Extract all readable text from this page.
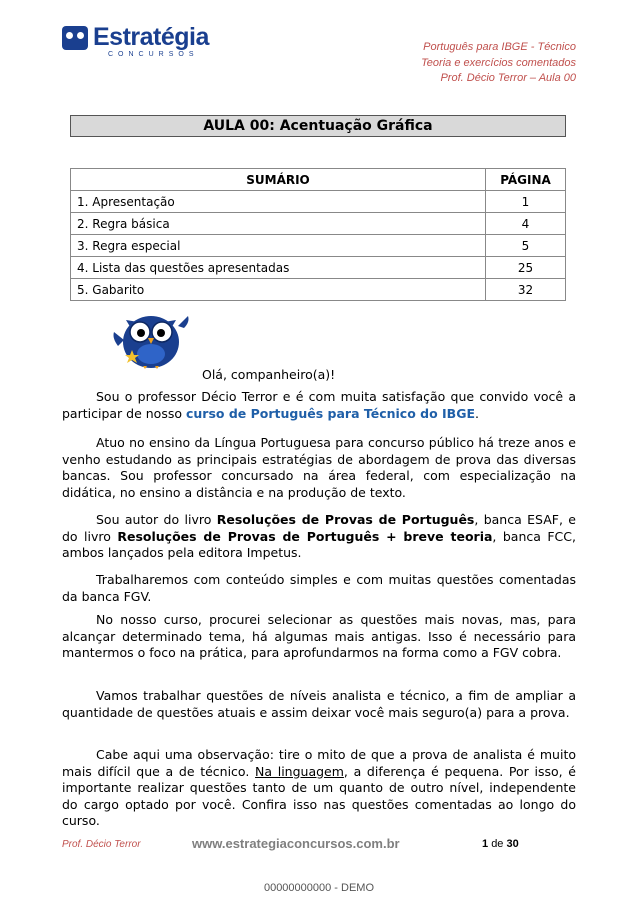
Estratégia
CONCURSOS
Português para IBGE - Técnico
Teoria e exercícios comentados
Prof. Décio Terror – Aula 00
AULA 00: Acentuação Gráfica
SUMÁRIO	PÁGINA
1. Apresentação	1
2. Regra básica	4
3. Regra especial	5
4. Lista das questões apresentadas	25
5. Gabarito	32
Olá, companheiro(a)!

Sou o professor Décio Terror e é com muita satisfação que convido você a participar de nosso curso de Português para Técnico do IBGE.

Atuo no ensino da Língua Portuguesa para concurso público há treze anos e venho estudando as principais estratégias de abordagem de prova das diversas bancas. Sou professor concursado na área federal, com especialização na didática, no ensino a distância e na produção de texto.

Sou autor do livro Resoluções de Provas de Português, banca ESAF, e do livro Resoluções de Provas de Português + breve teoria, banca FCC, ambos lançados pela editora Impetus.

Trabalharemos com conteúdo simples e com muitas questões comentadas da banca FGV.

No nosso curso, procurei selecionar as questões mais novas, mas, para alcançar determinado tema, há algumas mais antigas. Isso é necessário para mantermos o foco na prática, para aprofundarmos na forma como a FGV cobra.

Vamos trabalhar questões de níveis analista e técnico, a fim de ampliar a quantidade de questões atuais e assim deixar você mais seguro(a) para a prova.

Cabe aqui uma observação: tire o mito de que a prova de analista é muito mais difícil que a de técnico. Na linguagem, a diferença é pequena. Por isso, é importante realizar questões tanto de um quanto de outro nível, independente do cargo optado por você. Confira isso nas questões comentadas ao longo do curso.

Prof. Décio Terror	www.estrategiaconcursos.com.br	1 de 30
00000000000 - DEMO
